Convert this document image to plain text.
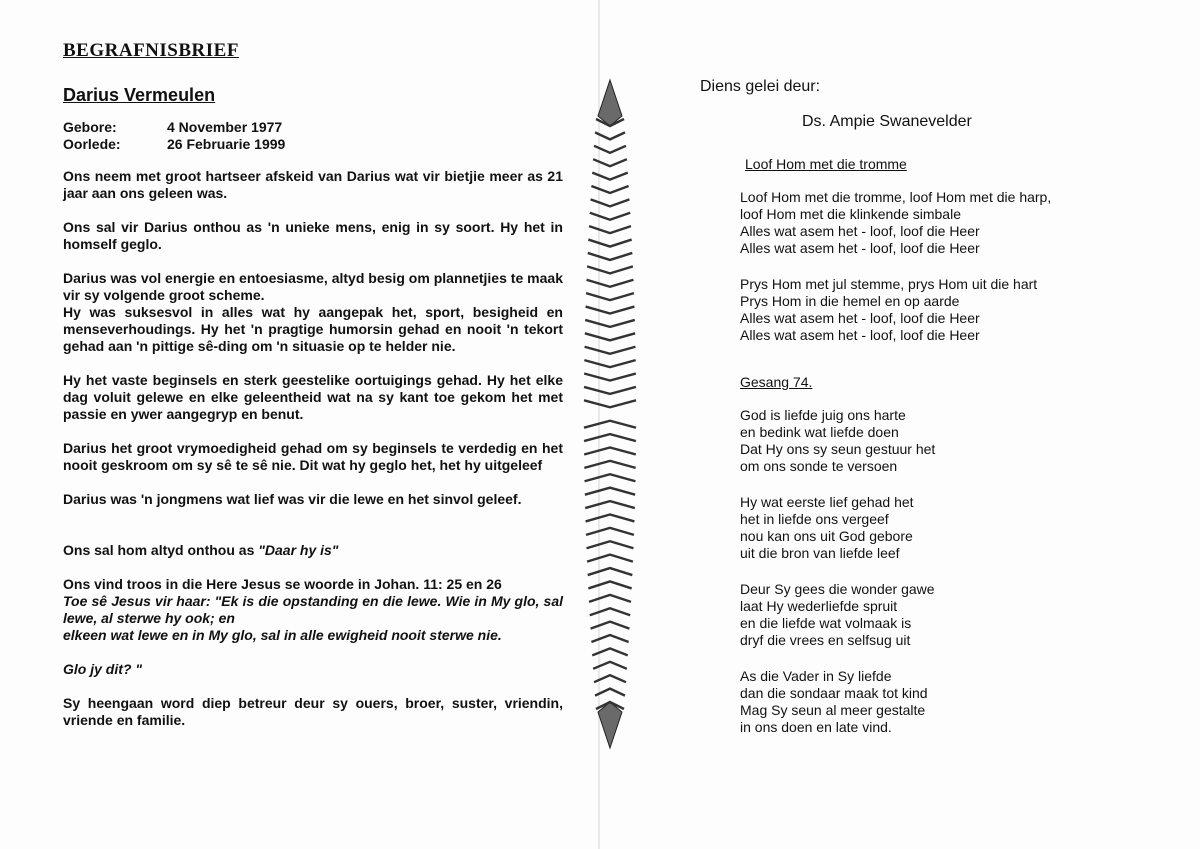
BEGRAFNISBRIEF
Darius Vermeulen
Gebore:	4 November 1977
Oorlede:	26 Februarie 1999
Ons neem met groot hartseer afskeid van Darius wat vir bietjie meer as 21 jaar aan ons geleen was.
Ons sal vir Darius onthou as 'n unieke mens, enig in sy soort. Hy het in homself geglo.
Darius was vol energie en entoesiasme, altyd besig om plannetjies te maak vir sy volgende groot scheme.
Hy was suksesvol in alles wat hy aangepak het, sport, besigheid en menseverhoudings. Hy het 'n pragtige humorsin gehad en nooit 'n tekort gehad aan 'n pittige sê-ding om 'n situasie op te helder nie.
Hy het vaste beginsels en sterk geestelike oortuigings gehad. Hy het elke dag voluit gelewe en elke geleentheid wat na sy kant toe gekom het met passie en ywer aangegryp en benut.
Darius het groot vrymoedigheid gehad om sy beginsels te verdedig en het nooit geskroom om sy sê te sê nie. Dit wat hy geglo het, het hy uitgeleef
Darius was 'n jongmens wat lief was vir die lewe en het sinvol geleef.
Ons sal hom altyd onthou as "Daar hy is"
Ons vind troos in die Here Jesus se woorde in Johan. 11: 25 en 26
Toe sê Jesus vir haar: "Ek is die opstanding en die lewe. Wie in My glo, sal lewe, al sterwe hy ook; en
elkeen wat lewe en in My glo, sal in alle ewigheid nooit sterwe nie.
Glo jy dit? "
Sy heengaan word diep betreur deur sy ouers, broer, suster, vriendin, vriende en familie.
Diens gelei deur:
Ds. Ampie Swanevelder
Loof Hom met die tromme
Loof Hom met die tromme, loof Hom met die harp,
loof Hom met die klinkende simbale
Alles wat asem het - loof, loof die Heer
Alles wat asem het - loof, loof die Heer
Prys Hom met jul stemme, prys Hom uit die hart
Prys Hom in die hemel en op aarde
Alles wat asem het - loof, loof die Heer
Alles wat asem het - loof, loof die Heer
Gesang 74.
God is liefde juig ons harte
en bedink wat liefde doen
Dat Hy ons sy seun gestuur het
om ons sonde te versoen
Hy wat eerste lief gehad het
het in liefde ons vergeef
nou kan ons uit God gebore
uit die bron van liefde leef
Deur Sy gees die wonder gawe
laat Hy wederliefde spruit
en die liefde wat volmaak is
dryf die vrees en selfsug uit
As die Vader in Sy liefde
dan die sondaar maak tot kind
Mag Sy seun al meer gestalte
in ons doen en late vind.
